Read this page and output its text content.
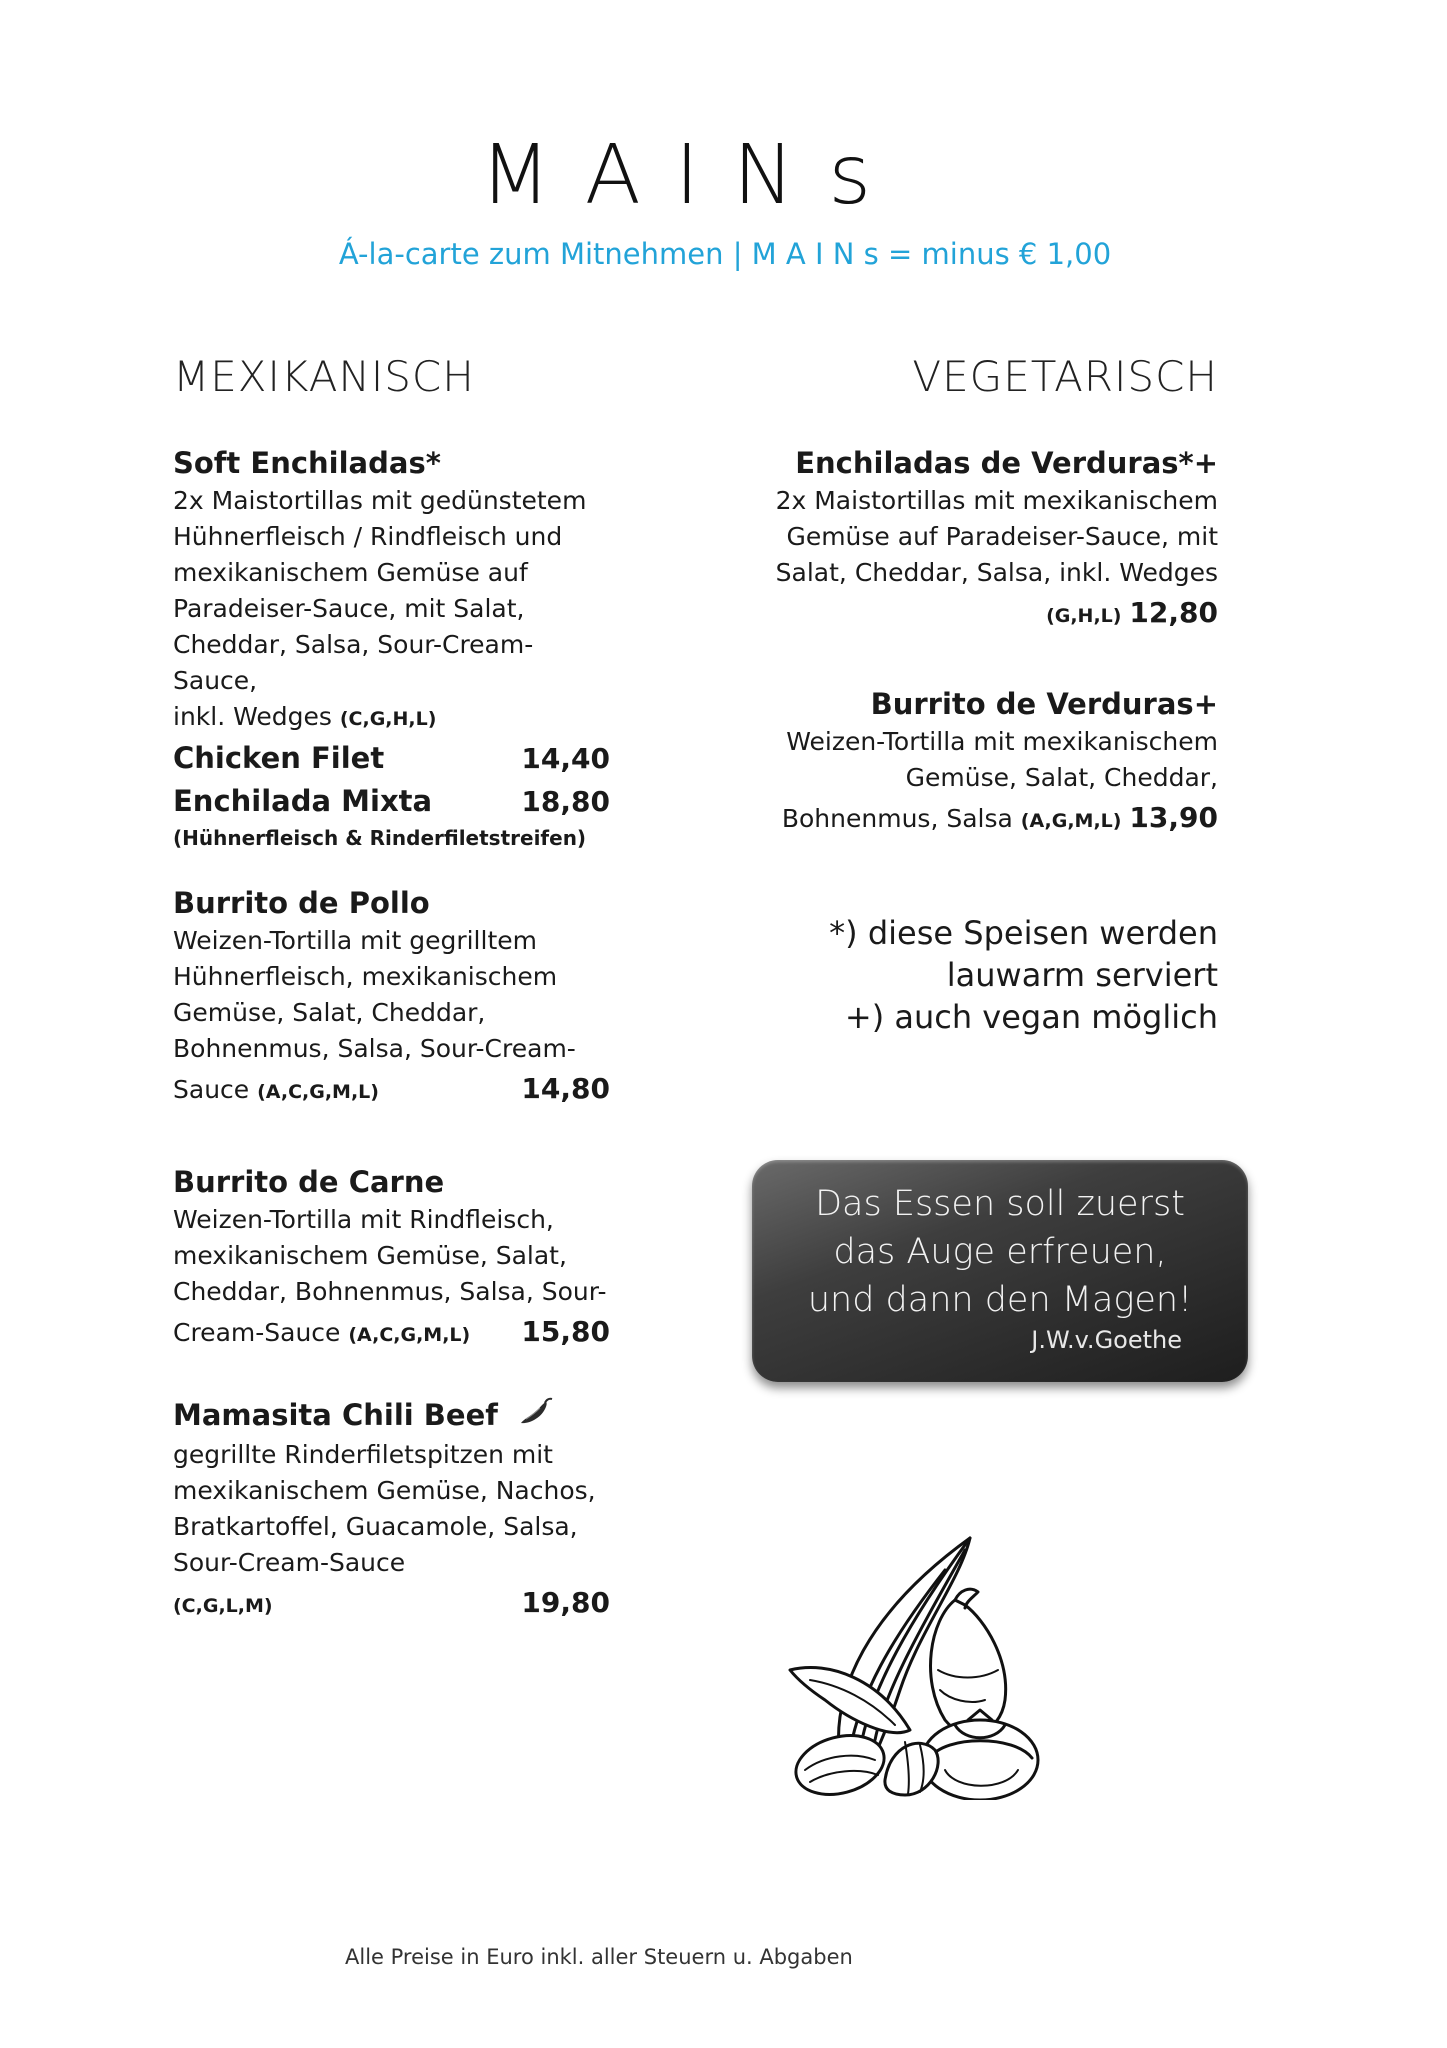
MAINs
Á-la-carte zum Mitnehmen | M A I N s = minus € 1,00
MEXIKANISCH	VEGETARISCH
Soft Enchiladas*
2x Maistortillas mit gedünstetem
Hühnerfleisch / Rindfleisch und
mexikanischem Gemüse auf
Paradeiser-Sauce, mit Salat,
Cheddar, Salsa, Sour-Cream-Sauce,
inkl. Wedges (C,G,H,L)
Chicken Filet	14,40
Enchilada Mixta	18,80
(Hühnerfleisch & Rinderfiletstreifen)
Burrito de Pollo
Weizen-Tortilla mit gegrilltem
Hühnerfleisch, mexikanischem
Gemüse, Salat, Cheddar,
Bohnenmus, Salsa, Sour-Cream-
Sauce (A,C,G,M,L)	14,80
Burrito de Carne
Weizen-Tortilla mit Rindfleisch,
mexikanischem Gemüse, Salat,
Cheddar, Bohnenmus, Salsa, Sour-
Cream-Sauce (A,C,G,M,L) 15,80
Mamasita Chili Beef
gegrillte Rinderfiletspitzen mit
mexikanischem Gemüse, Nachos,
Bratkartoffel, Guacamole, Salsa,
Sour-Cream-Sauce
(C,G,L,M)	19,80
Enchiladas de Verduras*+
2x Maistortillas mit mexikanischem
Gemüse auf Paradeiser-Sauce, mit
Salat, Cheddar, Salsa, inkl. Wedges
(G,H,L) 12,80
Burrito de Verduras+
Weizen-Tortilla mit mexikanischem
Gemüse, Salat, Cheddar,
Bohnenmus, Salsa (A,G,M,L) 13,90
*) diese Speisen werden
lauwarm serviert
+) auch vegan möglich
Das Essen soll zuerst
das Auge erfreuen,
und dann den Magen!
J.W.v.Goethe
Alle Preise in Euro inkl. aller Steuern u. Abgaben
